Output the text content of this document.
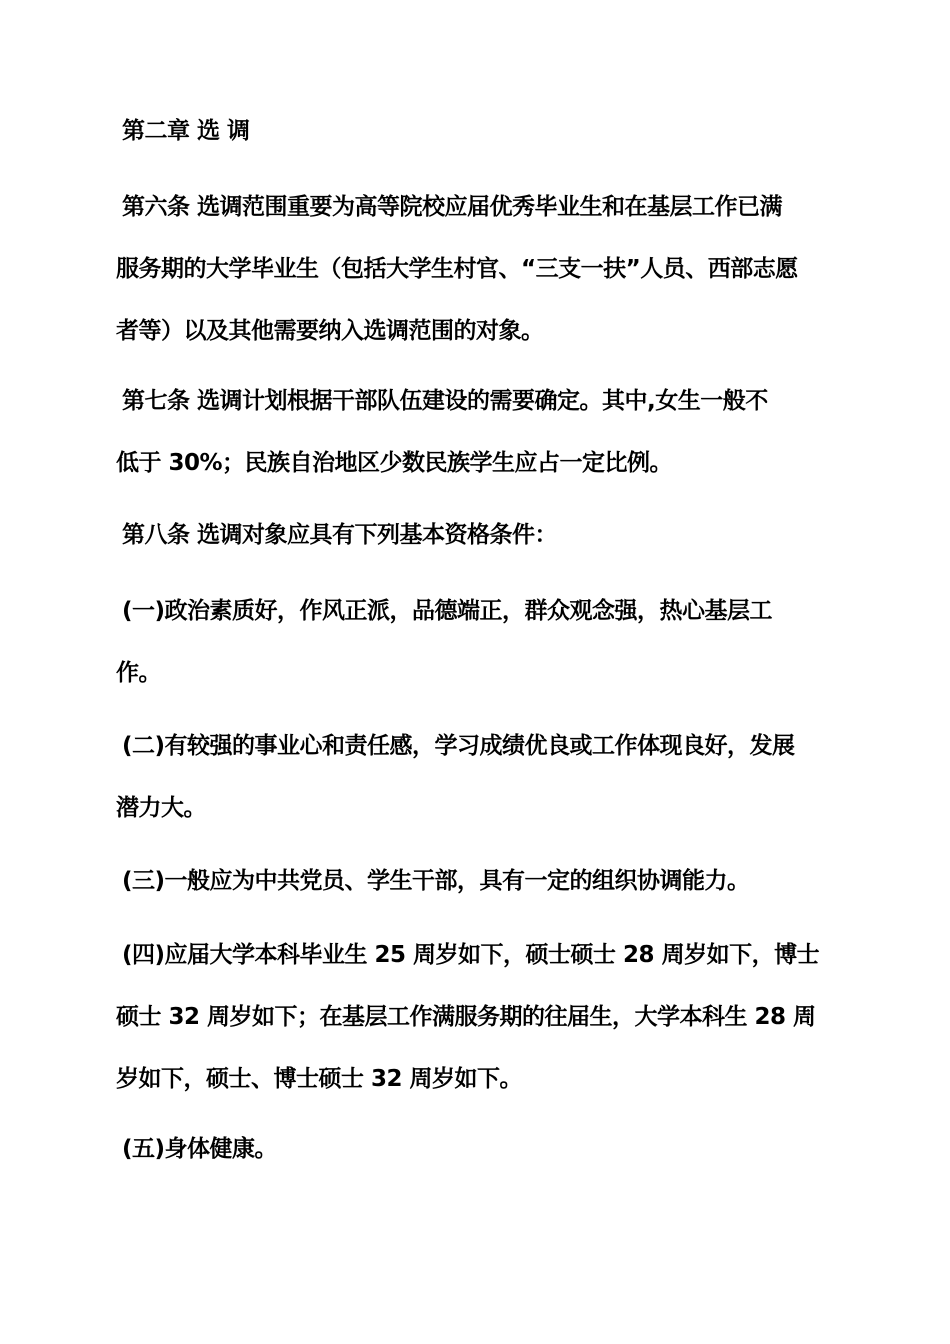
第二章 选 调

第六条 选调范围重要为高等院校应届优秀毕业生和在基层工作已满
服务期的大学毕业生（包括大学生村官、“三支一扶”人员、西部志愿
者等）以及其他需要纳入选调范围的对象。

第七条 选调计划根据干部队伍建设的需要确定。其中,女生一般不
低于 30%；民族自治地区少数民族学生应占一定比例。

第八条 选调对象应具有下列基本资格条件：

(一)政治素质好，作风正派，品德端正，群众观念强，热心基层工
作。

(二)有较强的事业心和责任感，学习成绩优良或工作体现良好，发展
潜力大。

(三)一般应为中共党员、学生干部，具有一定的组织协调能力。

(四)应届大学本科毕业生 25 周岁如下，硕士硕士 28 周岁如下，博士
硕士 32 周岁如下；在基层工作满服务期的往届生，大学本科生 28 周
岁如下，硕士、博士硕士 32 周岁如下。

(五)身体健康。
